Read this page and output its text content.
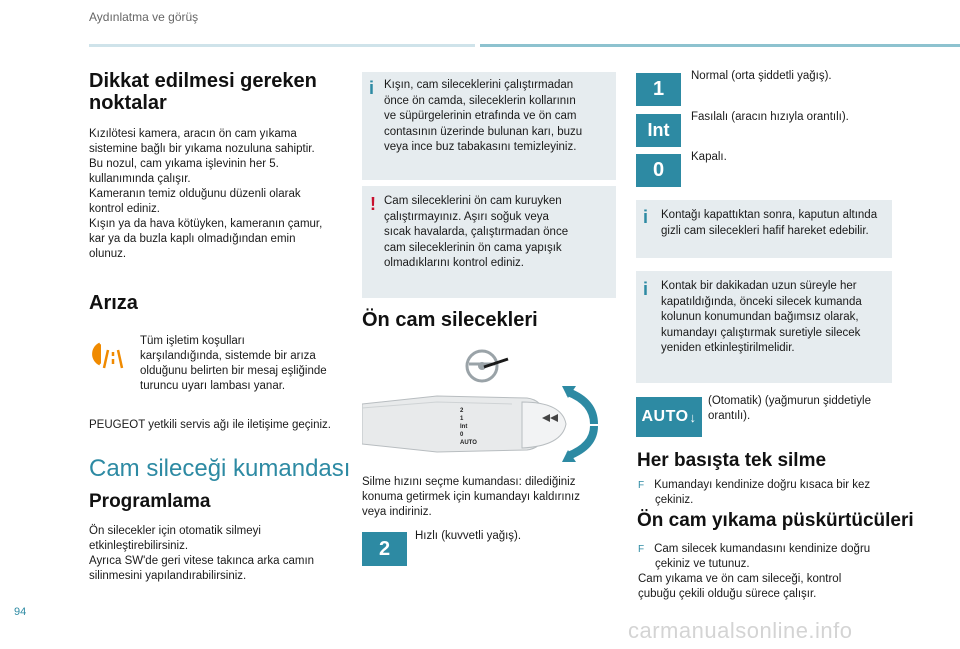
Aydınlatma ve görüş
Dikkat edilmesi gereken noktalar
Kızılötesi kamera, aracın ön cam yıkama
sistemine bağlı bir yıkama nozuluna sahiptir.
Bu nozul, cam yıkama işlevinin her 5.
kullanımında çalışır.
Kameranın temiz olduğunu düzenli olarak
kontrol ediniz.
Kışın ya da hava kötüyken, kameranın çamur,
kar ya da buzla kaplı olmadığından emin
olunuz.
Arıza
Tüm işletim koşulları
karşılandığında, sistemde bir arıza
olduğunu belirten bir mesaj eşliğinde
turuncu uyarı lambası yanar.
PEUGEOT yetkili servis ağı ile iletişime geçiniz.
Cam sileceği kumandası
Programlama
Ön silecekler için otomatik silmeyi
etkinleştirebilirsiniz.
Ayrıca SW'de geri vitese takınca arka camın
silinmesini yapılandırabilirsiniz.
i Kışın, cam sileceklerini çalıştırmadan
önce ön camda, sileceklerin kollarının
ve süpürgelerinin etrafında ve ön cam
contasının üzerinde bulunan karı, buzu
veya ince buz tabakasını temizleyiniz.
! Cam sileceklerini ön cam kuruyken
çalıştırmayınız. Aşırı soğuk veya
sıcak havalarda, çalıştırmadan önce
cam sileceklerinin ön cama yapışık
olmadıklarını kontrol ediniz.
Ön cam silecekleri
2
1
Int
0
AUTO
Silme hızını seçme kumandası: dilediğiniz
konuma getirmek için kumandayı kaldırınız
veya indiriniz.
2
Hızlı (kuvvetli yağış).
1
Normal (orta şiddetli yağış).
Int
Fasılalı (aracın hızıyla orantılı).
0
Kapalı.
i Kontağı kapattıktan sonra, kaputun altında
gizli cam silecekleri hafif hareket edebilir.
i Kontak bir dakikadan uzun süreyle her
kapatıldığında, önceki silecek kumanda
kolunun konumundan bağımsız olarak,
kumandayı çalıştırmak suretiyle silecek
yeniden etkinleştirilmelidir.
AUTO ↓
(Otomatik) (yağmurun şiddetiyle
orantılı).
Her basışta tek silme
F Kumandayı kendinize doğru kısaca bir kez
çekiniz.
Ön cam yıkama püskürtücüleri
F Cam silecek kumandasını kendinize doğru
çekiniz ve tutunuz.
Cam yıkama ve ön cam sileceği, kontrol
çubuğu çekili olduğu sürece çalışır.
94
carmanualsonline.info
